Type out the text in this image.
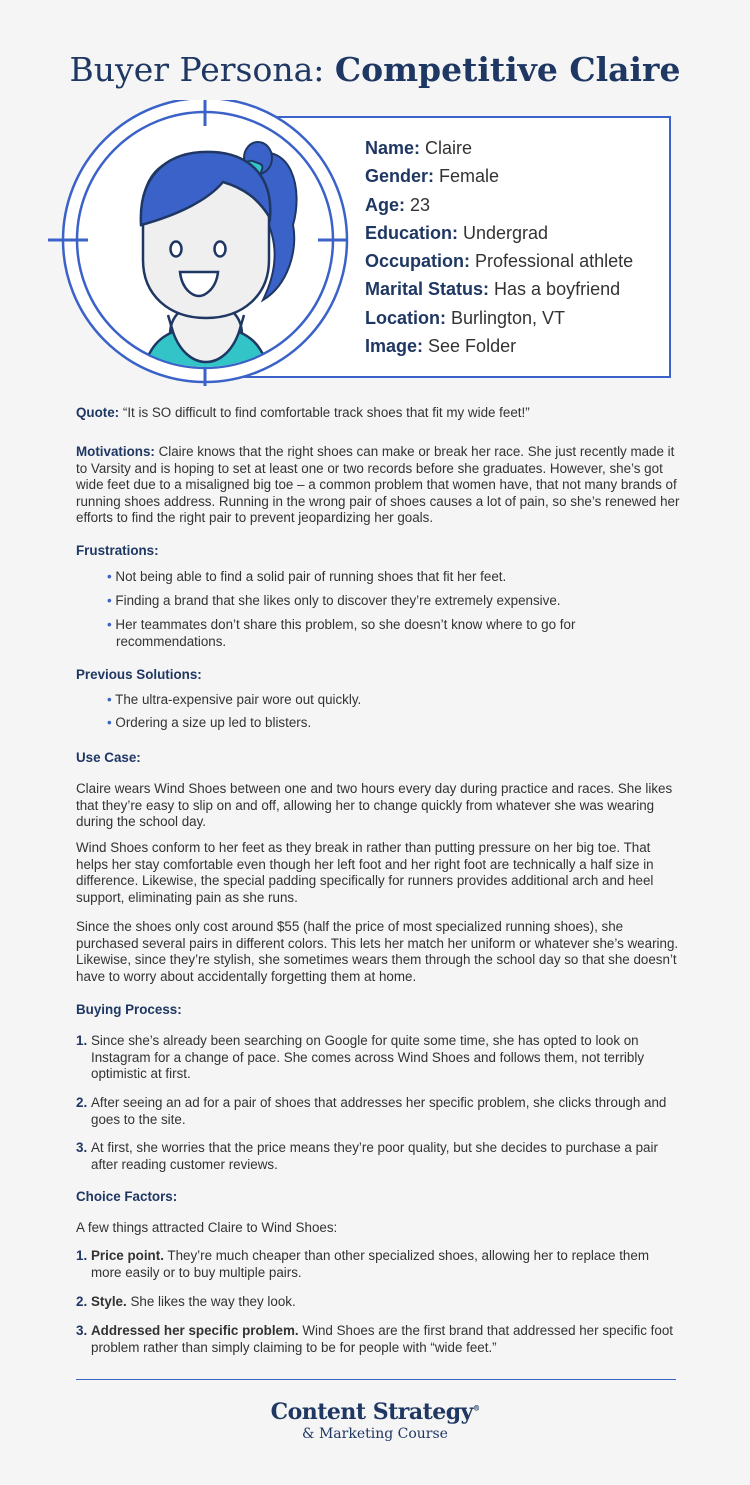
Buyer Persona: Competitive Claire
Name: Claire
Gender: Female
Age: 23
Education: Undergrad
Occupation: Professional athlete
Marital Status: Has a boyfriend
Location: Burlington, VT
Image: See Folder

Quote: “It is SO difficult to find comfortable track shoes that fit my wide feet!”

Motivations: Claire knows that the right shoes can make or break her race. She just recently made it to Varsity and is hoping to set at least one or two records before she graduates. However, she’s got wide feet due to a misaligned big toe – a common problem that women have, that not many brands of running shoes address. Running in the wrong pair of shoes causes a lot of pain, so she’s renewed her efforts to find the right pair to prevent jeopardizing her goals.

Frustrations:

• Not being able to find a solid pair of running shoes that fit her feet.

• Finding a brand that she likes only to discover they’re extremely expensive.

• Her teammates don’t share this problem, so she doesn’t know where to go for recommendations.

Previous Solutions:

• The ultra-expensive pair wore out quickly.

• Ordering a size up led to blisters.

Use Case:

Claire wears Wind Shoes between one and two hours every day during practice and races. She likes that they’re easy to slip on and off, allowing her to change quickly from whatever she was wearing during the school day.

Wind Shoes conform to her feet as they break in rather than putting pressure on her big toe. That helps her stay comfortable even though her left foot and her right foot are technically a half size in difference. Likewise, the special padding specifically for runners provides additional arch and heel support, eliminating pain as she runs.

Since the shoes only cost around $55 (half the price of most specialized running shoes), she purchased several pairs in different colors. This lets her match her uniform or whatever she’s wearing. Likewise, since they’re stylish, she sometimes wears them through the school day so that she doesn’t have to worry about accidentally forgetting them at home.

Buying Process:

1. Since she’s already been searching on Google for quite some time, she has opted to look on Instagram for a change of pace. She comes across Wind Shoes and follows them, not terribly optimistic at first.

2. After seeing an ad for a pair of shoes that addresses her specific problem, she clicks through and goes to the site.

3. At first, she worries that the price means they’re poor quality, but she decides to purchase a pair after reading customer reviews.

Choice Factors:

A few things attracted Claire to Wind Shoes:

1. Price point. They’re much cheaper than other specialized shoes, allowing her to replace them more easily or to buy multiple pairs.

2. Style. She likes the way they look.

3. Addressed her specific problem. Wind Shoes are the first brand that addressed her specific foot problem rather than simply claiming to be for people with “wide feet.”

Content Strategy®
& Marketing Course
